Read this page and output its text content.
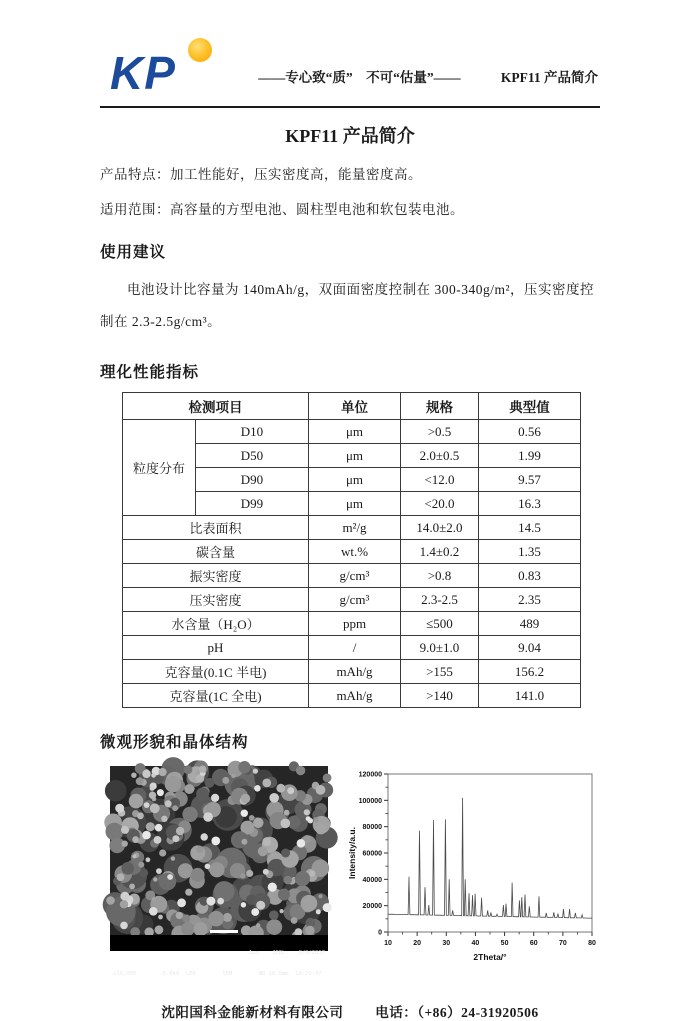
KP	——专心致“质”　不可“估量”——	KPF11 产品简介
KPF11 产品简介
产品特点：加工性能好，压实密度高，能量密度高。
适用范围：高容量的方型电池、圆柱型电池和软包装电池。
使用建议
电池设计比容量为 140mAh/g，双面面密度控制在 300-340g/m²，压实密度控制在 2.3-2.5g/cm³。
理化性能指标
检测项目		单位	规格	典型值
粒度分布	D10	μm	>0.5	0.56
	D50	μm	2.0±0.5	1.99
	D90	μm	<12.0	9.57
	D99	μm	<20.0	16.3
比表面积		m²/g	14.0±2.0	14.5
碳含量		wt.%	1.4±0.2	1.35
振实密度		g/cm³	>0.8	0.83
压实密度		g/cm³	2.3-2.5	2.35
水含量（H₂O）		ppm	≤500	489
pH		/	9.0±1.0	9.04
克容量(0.1C 半电)		mAh/g	>155	156.2
克容量(1C 全电)		mAh/g	>140	141.0
微观形貌和晶体结构

1μm    JEOL    8/9/2017

x10,000        5.0kV  LED        SEM        WD 10.0mm  14:29:47

10	20	30	40	50	60	70	80
0
20000
40000
60000
80000
100000
120000
2Theta/°
Intensity/a.u.
沈阳国科金能新材料有限公司 电话：（+86）24-31920506
